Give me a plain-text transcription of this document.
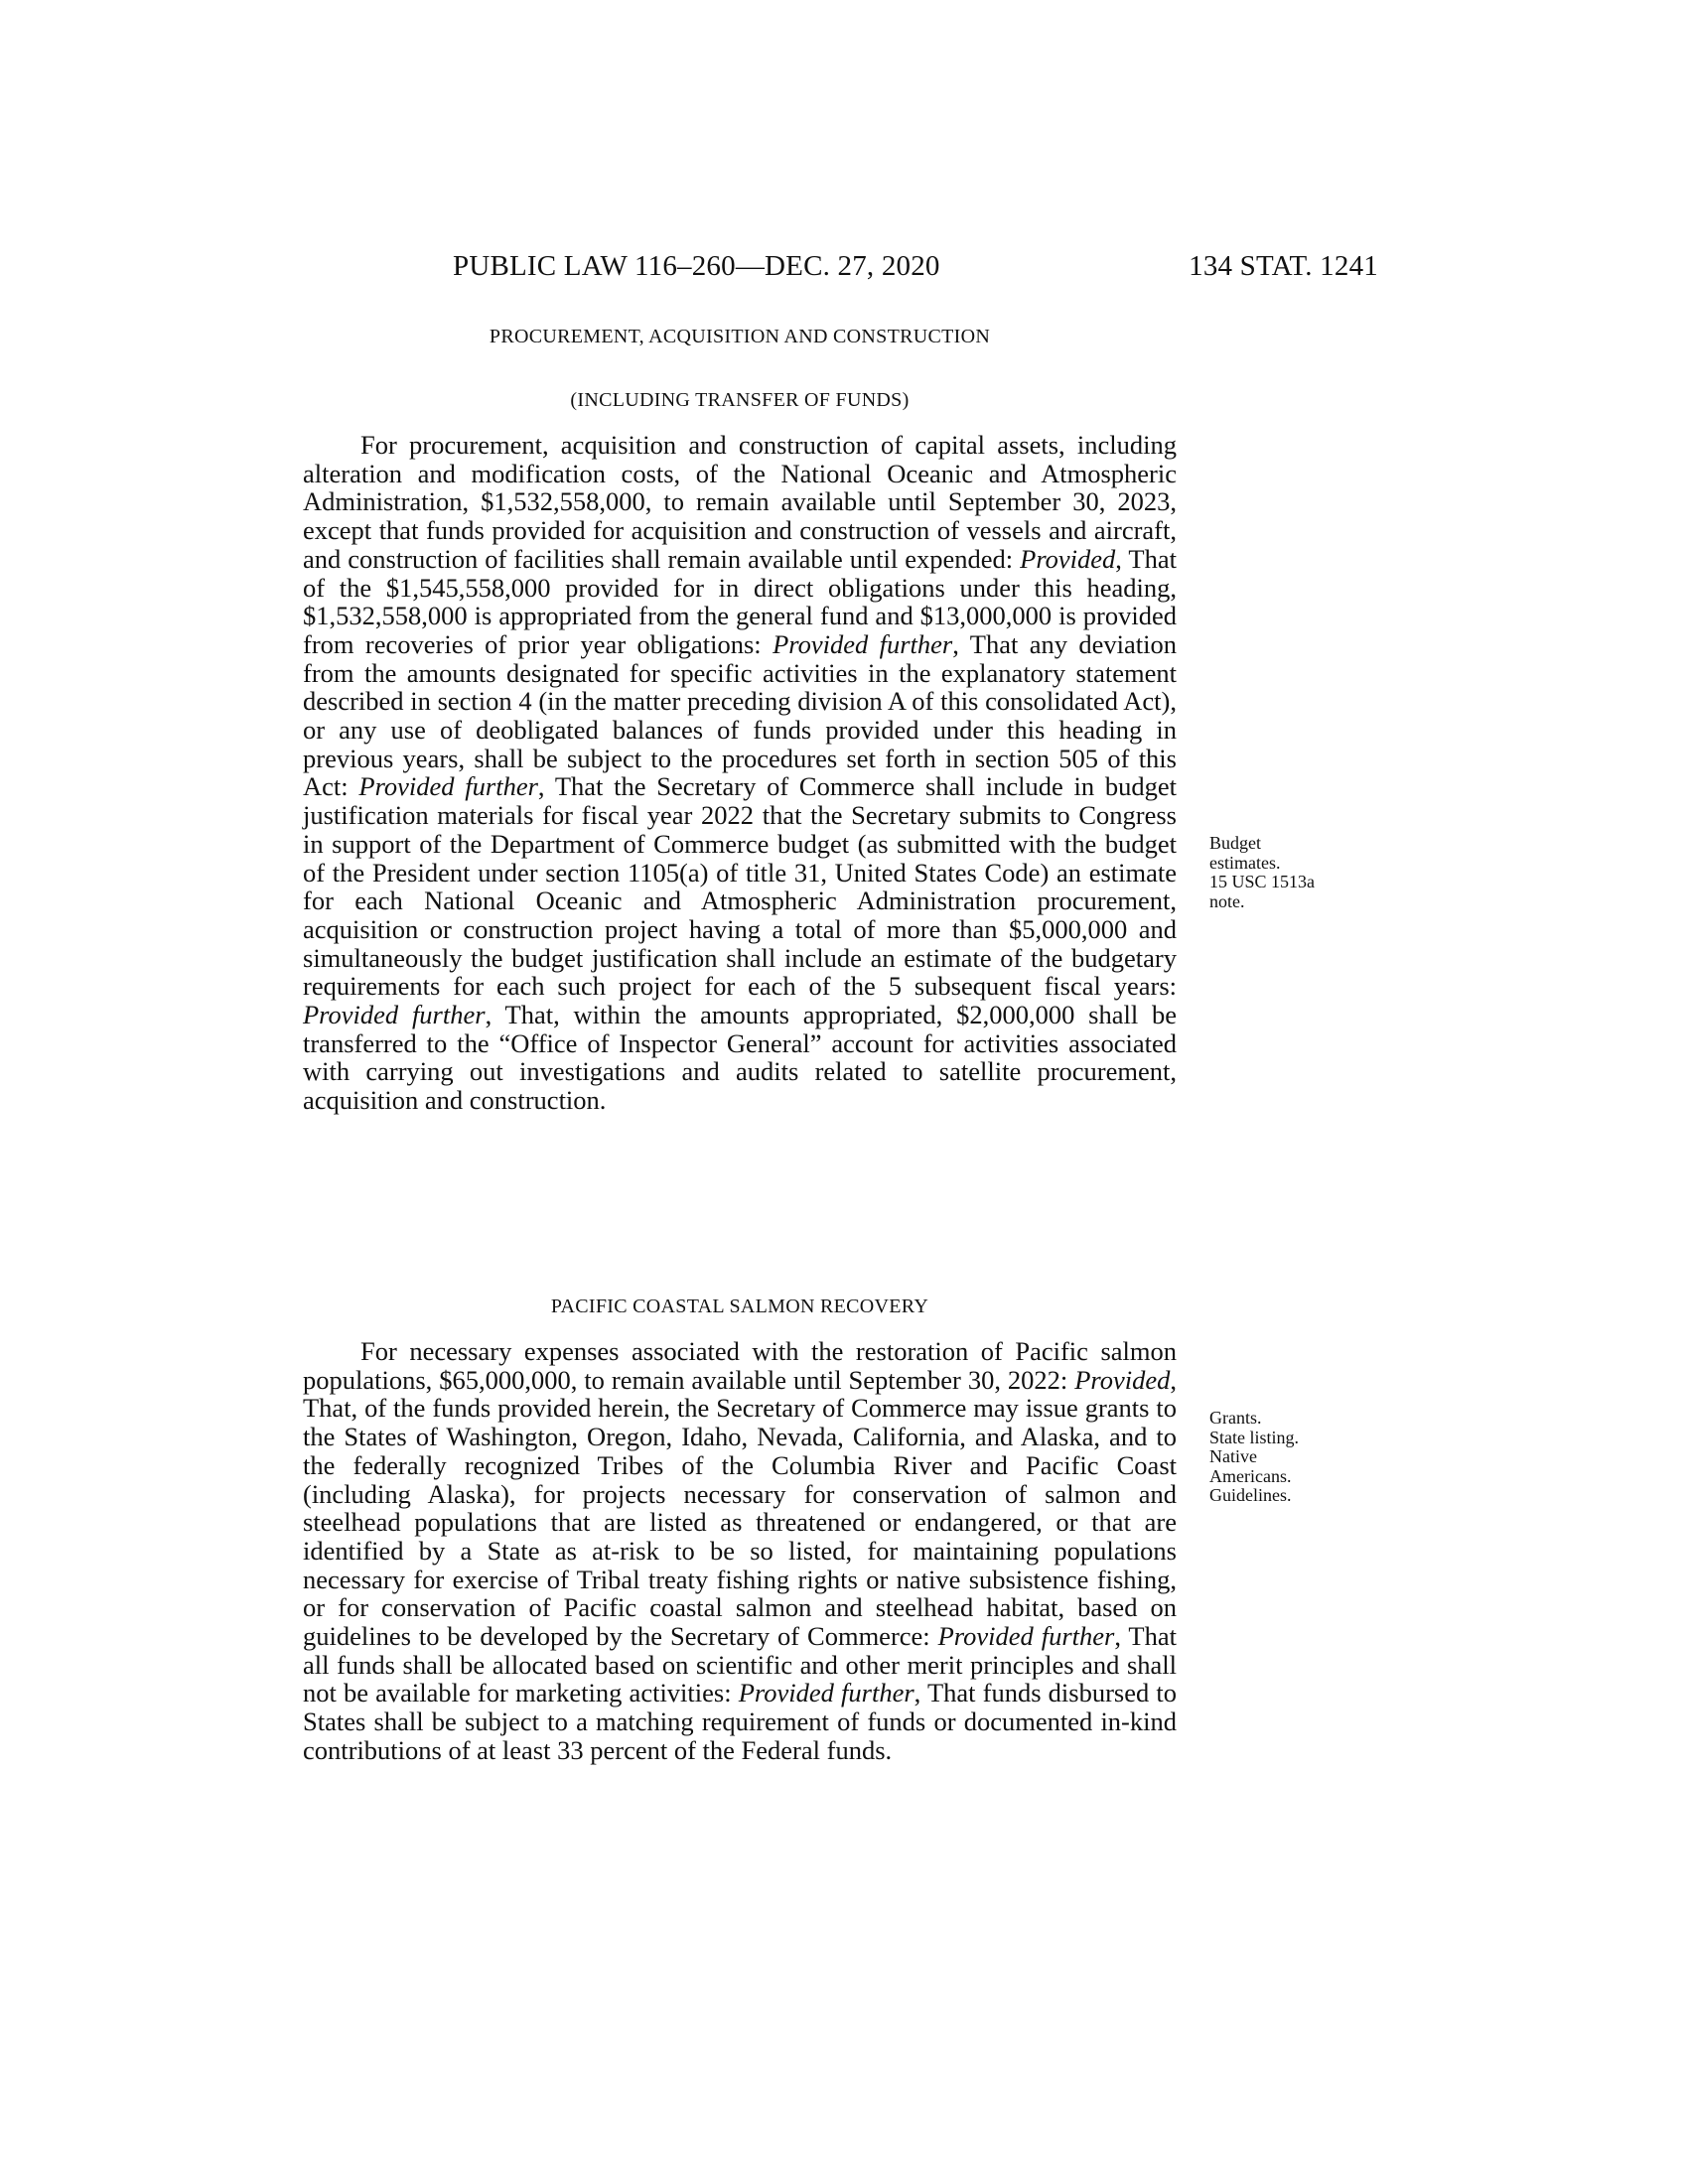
PUBLIC LAW 116–260—DEC. 27, 2020	134 STAT. 1241
PROCUREMENT, ACQUISITION AND CONSTRUCTION
(INCLUDING TRANSFER OF FUNDS)

For procurement, acquisition and construction of capital assets, including alteration and modification costs, of the National Oceanic and Atmospheric Administration, $1,532,558,000, to remain available until September 30, 2023, except that funds provided for acquisition and construction of vessels and aircraft, and construction of facilities shall remain available until expended: Provided, That of the $1,545,558,000 provided for in direct obligations under this heading, $1,532,558,000 is appropriated from the general fund and $13,000,000 is provided from recoveries of prior year obligations: Provided further, That any deviation from the amounts designated for specific activities in the explanatory statement described in section 4 (in the matter preceding division A of this consolidated Act), or any use of deobligated balances of funds provided under this heading in previous years, shall be subject to the procedures set forth in section 505 of this Act: Provided further, That the Secretary of Commerce shall include in budget justification materials for fiscal year 2022 that the Secretary submits to Congress in support of the Department of Commerce budget (as submitted with the budget of the President under section 1105(a) of title 31, United States Code) an estimate for each National Oceanic and Atmospheric Administration procurement, acquisition or construction project having a total of more than $5,000,000 and simultaneously the budget justification shall include an estimate of the budgetary requirements for each such project for each of the 5 subsequent fiscal years: Provided further, That, within the amounts appropriated, $2,000,000 shall be transferred to the “Office of Inspector General” account for activities associated with carrying out investigations and audits related to satellite procurement, acquisition and construction.

Budget
estimates.
15 USC 1513a
note.
PACIFIC COASTAL SALMON RECOVERY

For necessary expenses associated with the restoration of Pacific salmon populations, $65,000,000, to remain available until September 30, 2022: Provided, That, of the funds provided herein, the Secretary of Commerce may issue grants to the States of Washington, Oregon, Idaho, Nevada, California, and Alaska, and to the federally recognized Tribes of the Columbia River and Pacific Coast (including Alaska), for projects necessary for conservation of salmon and steelhead populations that are listed as threatened or endangered, or that are identified by a State as at-risk to be so listed, for maintaining populations necessary for exercise of Tribal treaty fishing rights or native subsistence fishing, or for conservation of Pacific coastal salmon and steelhead habitat, based on guidelines to be developed by the Secretary of Commerce: Provided further, That all funds shall be allocated based on scientific and other merit principles and shall not be available for marketing activities: Provided further, That funds disbursed to States shall be subject to a matching requirement of funds or documented in-kind contributions of at least 33 percent of the Federal funds.

Grants.
State listing.
Native
Americans.
Guidelines.
